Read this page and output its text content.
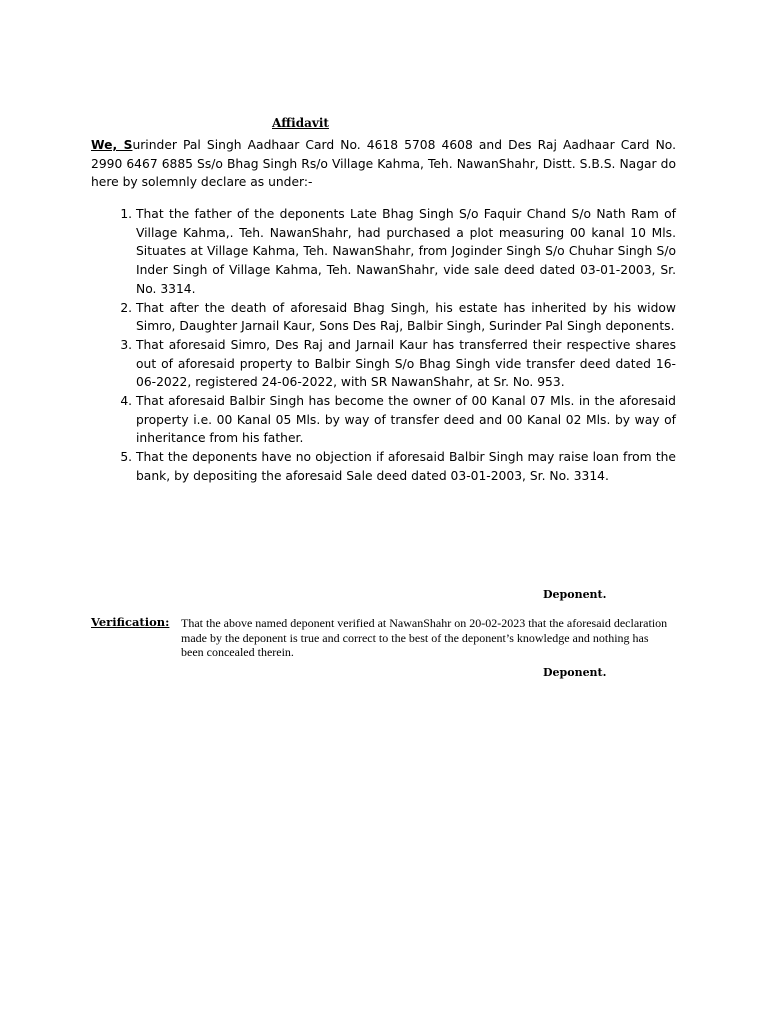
Affidavit
We, Surinder Pal Singh Aadhaar Card No. 4618 5708 4608 and Des Raj Aadhaar Card No. 2990 6467 6885 Ss/o Bhag Singh Rs/o Village Kahma, Teh. NawanShahr, Distt. S.B.S. Nagar do here by solemnly declare as under:-
1. That the father of the deponents Late Bhag Singh S/o Faquir Chand S/o Nath Ram of Village Kahma,. Teh. NawanShahr, had purchased a plot measuring 00 kanal 10 Mls. Situates at Village Kahma, Teh. NawanShahr, from Joginder Singh S/o Chuhar Singh S/o Inder Singh of Village Kahma, Teh. NawanShahr, vide sale deed dated 03-01-2003, Sr. No. 3314.
2. That after the death of aforesaid Bhag Singh, his estate has inherited by his widow Simro, Daughter Jarnail Kaur, Sons Des Raj, Balbir Singh, Surinder Pal Singh deponents.
3. That aforesaid Simro, Des Raj and Jarnail Kaur has transferred their respective shares out of aforesaid property to Balbir Singh S/o Bhag Singh vide transfer deed dated 16-06-2022, registered 24-06-2022, with SR NawanShahr, at Sr. No. 953.
4. That aforesaid Balbir Singh has become the owner of 00 Kanal 07 Mls. in the aforesaid property i.e. 00 Kanal 05 Mls. by way of transfer deed and 00 Kanal 02 Mls. by way of inheritance from his father.
5. That the deponents have no objection if aforesaid Balbir Singh may raise loan from the bank, by depositing the aforesaid Sale deed dated 03-01-2003, Sr. No. 3314.
Deponent.
Verification: That the above named deponent verified at NawanShahr on 20-02-2023 that the aforesaid declaration made by the deponent is true and correct to the best of the deponent’s knowledge and nothing has been concealed therein.
Deponent.
